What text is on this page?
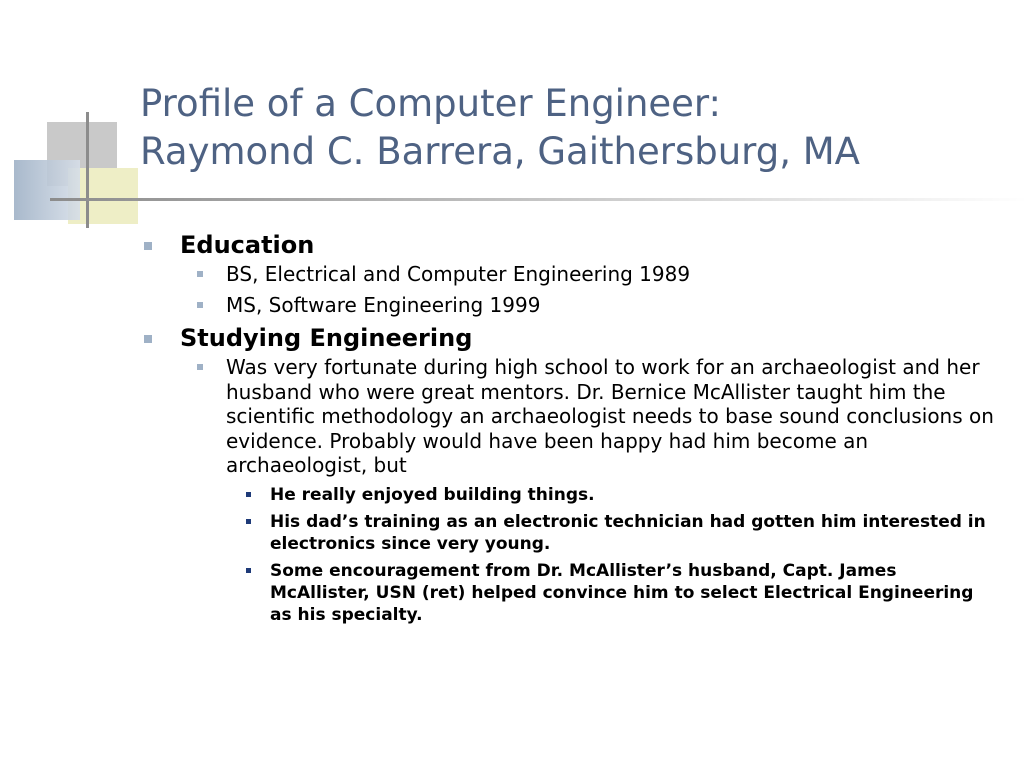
Profile of a Computer Engineer:
Raymond C. Barrera, Gaithersburg, MA
Education
BS, Electrical and Computer Engineering 1989
MS, Software Engineering 1999
Studying Engineering
Was very fortunate during high school to work for an archaeologist and her husband who were great mentors. Dr. Bernice McAllister taught him the scientific methodology an archaeologist needs to base sound conclusions on evidence. Probably would have been happy had him become an archaeologist, but
He really enjoyed building things.
His dad’s training as an electronic technician had gotten him interested in electronics since very young.
Some encouragement from Dr. McAllister’s husband, Capt. James McAllister, USN (ret) helped convince him to select Electrical Engineering as his specialty.
